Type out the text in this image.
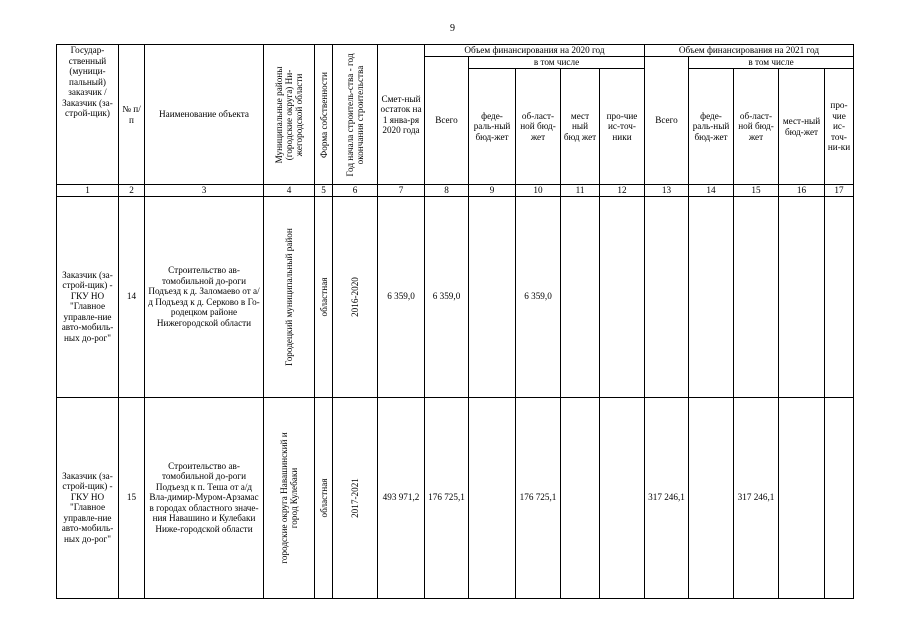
9
Государ-ственный (муници-пальный) заказчик /Заказчик (за-строй-щик)	№ п/п	Наименование объекта	Муниципальные районы (городские округа) Ни-жегородской области	Форма собственности	Год начала строитель-ства - год окончания строительства	Смет-ный остаток на 1 янва-ря 2020 года	Объем финансирования на 2020 год					Объем финансирования на 2021 год				
							Всего	в том числе				Всего	в том числе			
								феде-раль-ный бюд-жет	об-ласт-ной бюд-жет	мест ный бюд жет	про-чие ис-точ-ники		феде-раль-ный бюд-жет	об-ласт-ной бюд-жет	мест-ный бюд-жет	про-чие ис-точ-ни-ки
1	2	3	4	5	6	7	8	9	10	11	12	13	14	15	16	17
Заказчик (за-строй-щик) - ГКУ НО "Главное управле-ние авто-мобиль-ных до-рог"	14	Строительство ав-томобильной до-роги Подъезд к д. Заломаево от а/д Подъезд к д. Серково в Го-родецком районе Нижегородской области	Городецкий муниципальный район	областная	2016-2020	6 359,0	6 359,0		6 359,0							
Заказчик (за-строй-щик) - ГКУ НО "Главное управле-ние авто-мобиль-ных до-рог"	15	Строительство ав-томобильной до-роги Подъезд к п. Теша от а/д Вла-димир-Муром-Арзамас в городах областного значе-ния Навашино и Кулебаки Ниже-городской области	городские округа Навашинский и город Кулебаки	областная	2017-2021	493 971,2	176 725,1		176 725,1			317 246,1		317 246,1		
